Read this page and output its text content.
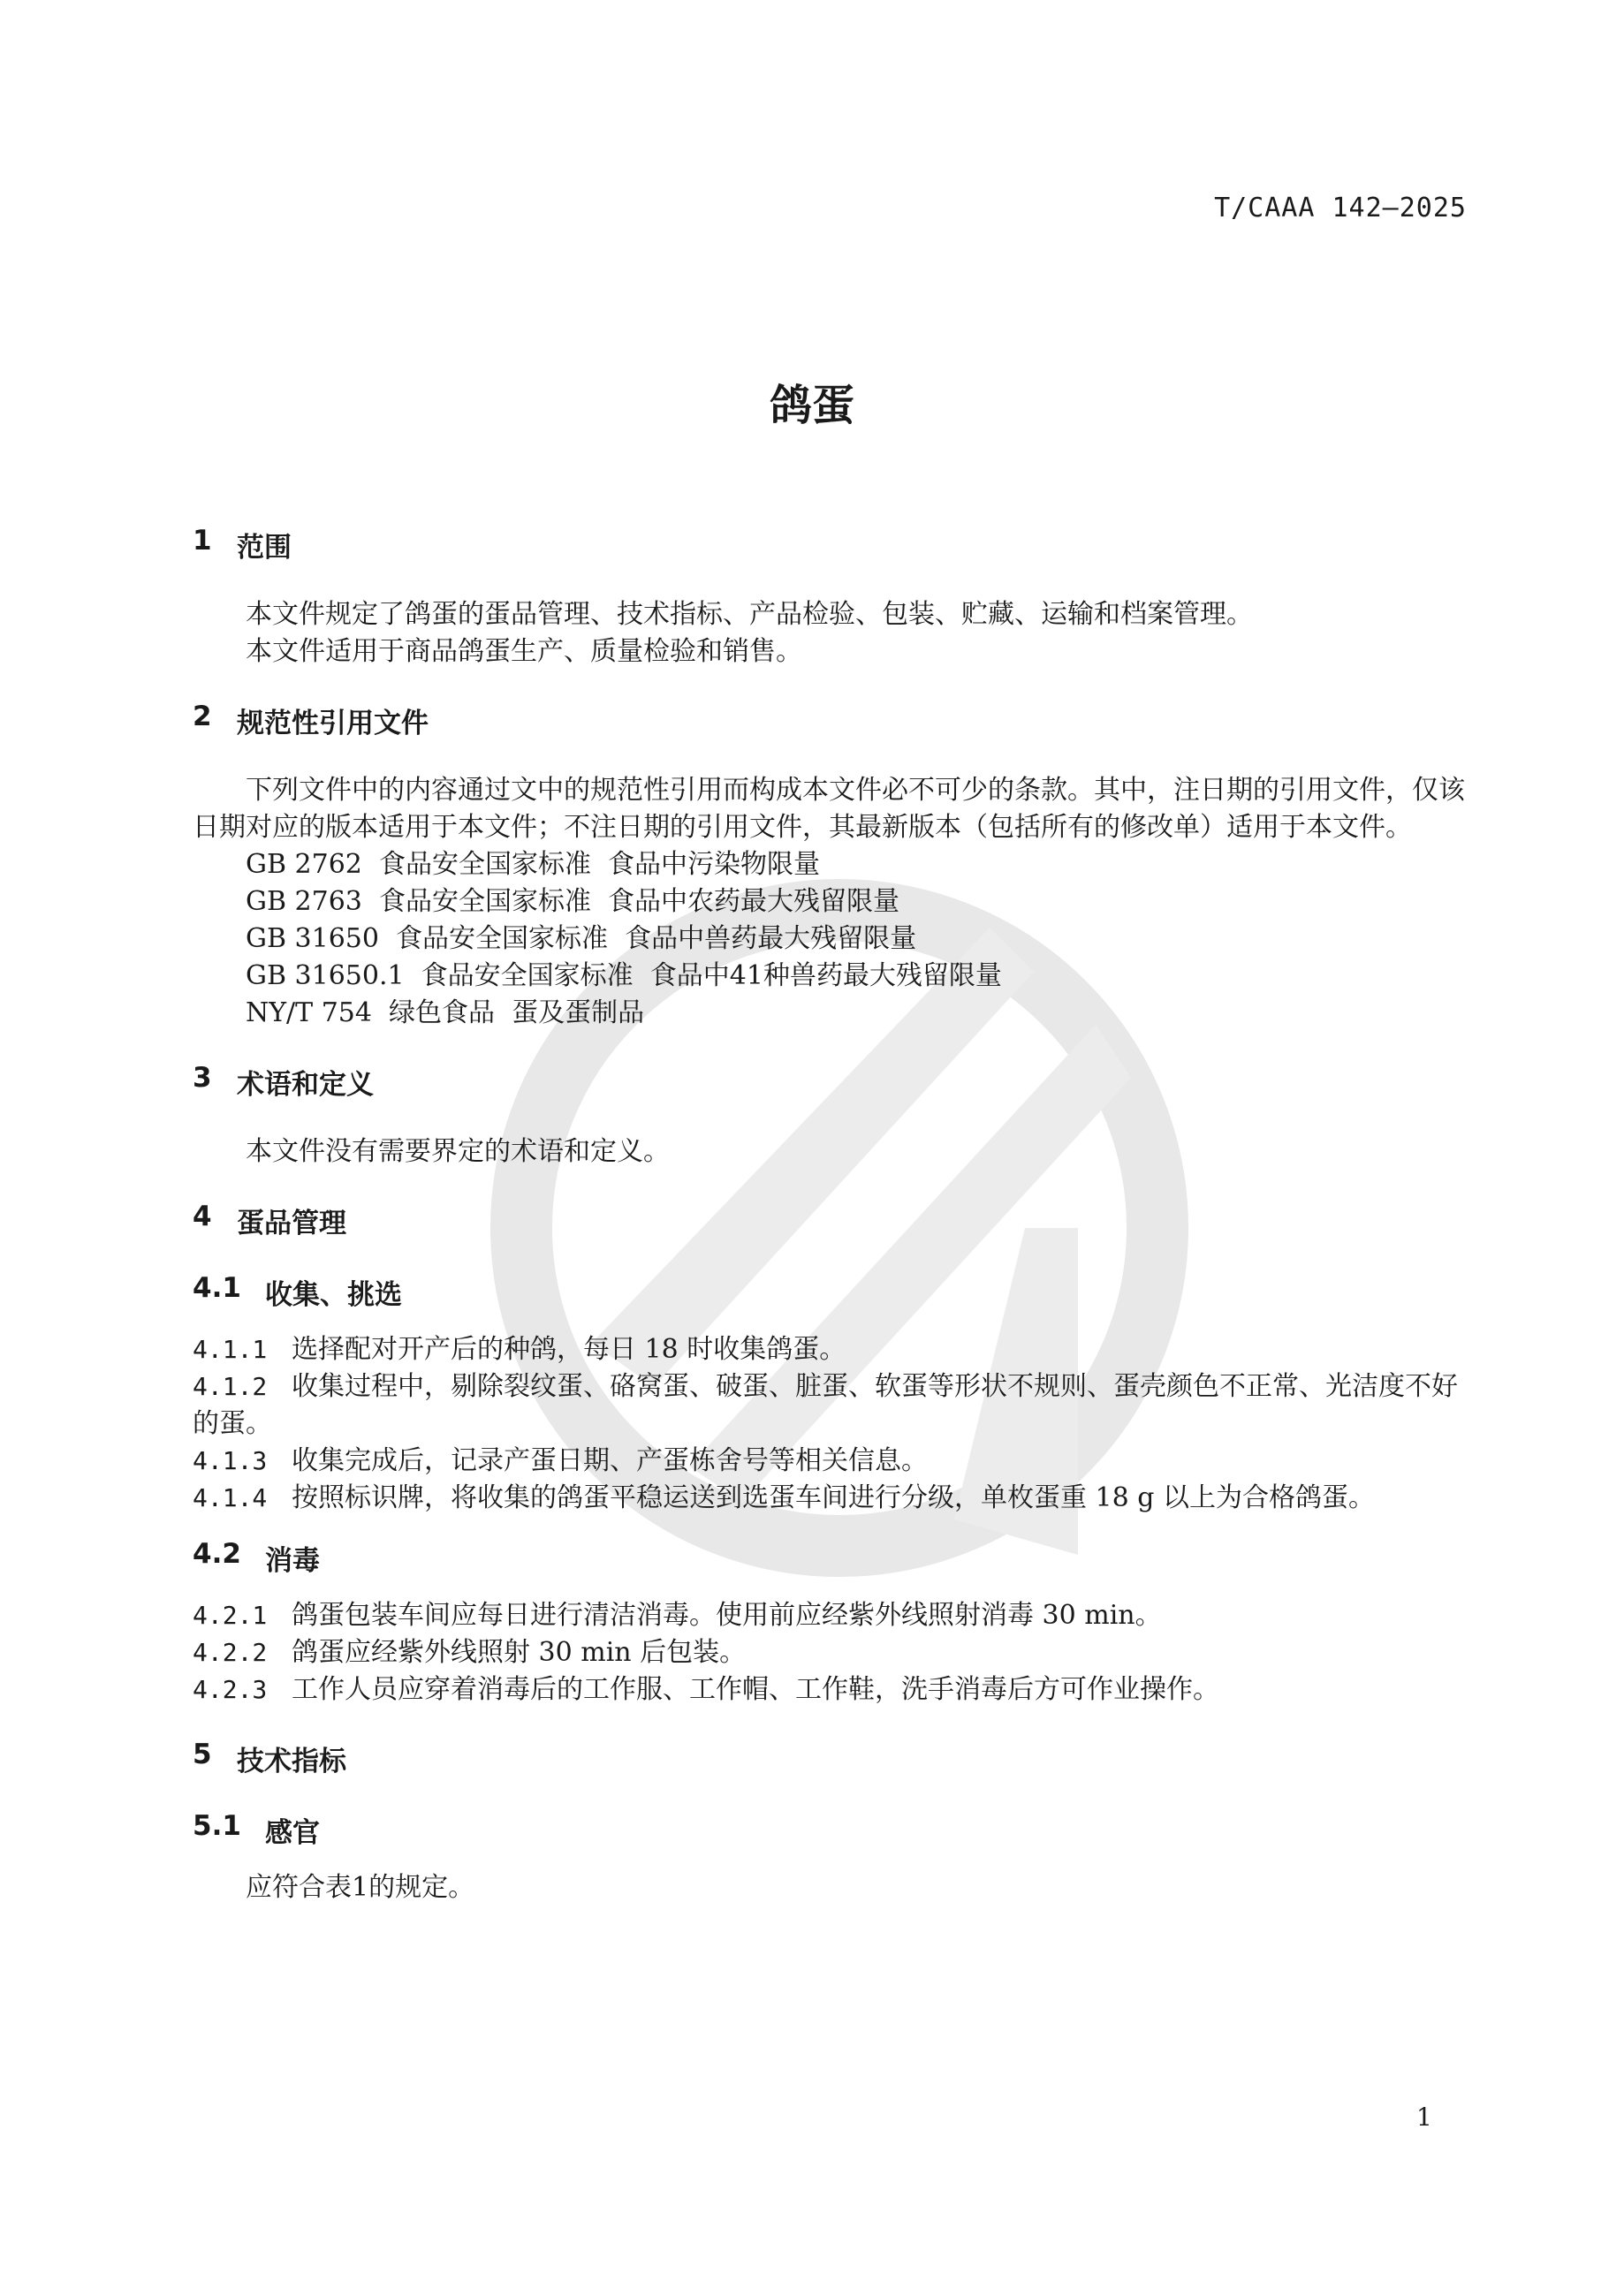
T/CAAA 142—2025
鸽蛋
1 范围

本文件规定了鸽蛋的蛋品管理、技术指标、产品检验、包装、贮藏、运输和档案管理。

本文件适用于商品鸽蛋生产、质量检验和销售。

2 规范性引用文件

下列文件中的内容通过文中的规范性引用而构成本文件必不可少的条款。其中，注日期的引用文件，仅该日期对应的版本适用于本文件；不注日期的引用文件，其最新版本（包括所有的修改单）适用于本文件。

GB 2762  食品安全国家标准  食品中污染物限量

GB 2763  食品安全国家标准  食品中农药最大残留限量

GB 31650  食品安全国家标准  食品中兽药最大残留限量

GB 31650.1  食品安全国家标准  食品中41种兽药最大残留限量

NY/T 754  绿色食品  蛋及蛋制品

3 术语和定义

本文件没有需要界定的术语和定义。

4 蛋品管理
4.1 收集、挑选

4.1.1 选择配对开产后的种鸽，每日 18 时收集鸽蛋。

4.1.2 收集过程中，剔除裂纹蛋、硌窝蛋、破蛋、脏蛋、软蛋等形状不规则、蛋壳颜色不正常、光洁度不好的蛋。

4.1.3 收集完成后，记录产蛋日期、产蛋栋舍号等相关信息。

4.1.4 按照标识牌，将收集的鸽蛋平稳运送到选蛋车间进行分级，单枚蛋重 18 g 以上为合格鸽蛋。

4.2 消毒

4.2.1 鸽蛋包装车间应每日进行清洁消毒。使用前应经紫外线照射消毒 30 min。

4.2.2 鸽蛋应经紫外线照射 30 min 后包装。

4.2.3 工作人员应穿着消毒后的工作服、工作帽、工作鞋，洗手消毒后方可作业操作。

5 技术指标
5.1 感官

应符合表1的规定。

1
